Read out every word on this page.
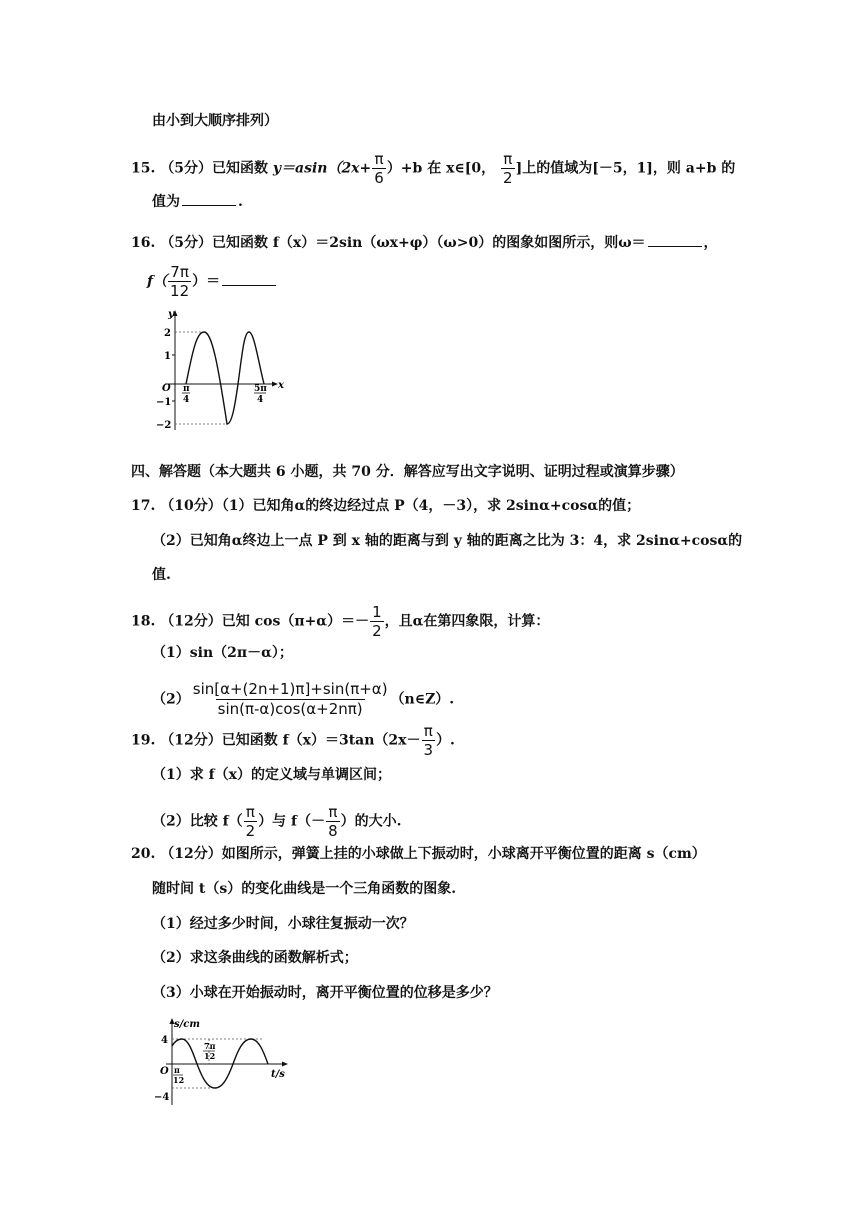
由小到大顺序排列）
15. （5分）已知函数 $y=asin(2x+ \frac{\pi}{6} )+b$ 在 x∈[0， $\frac{\pi}{2}$ ]上的值域为[－5，1]，则 a+b 的
值为	.
16. （5分）已知函数 f（x）＝2sin（ωx+φ）（ω>0）的图象如图所示，则ω＝	，
$f( \frac{7\pi}{12}$ ）＝
y
x
O
2
1
−1
−2
π
4
5π
4
四、解答题（本大题共 6 小题，共 70 分．解答应写出文字说明、证明过程或演算步骤）
17. （10分）（1）已知角α的终边经过点 P（4，－3），求 2sinα+cosα的值；
（2）已知角α终边上一点 P 到 x 轴的距离与到 y 轴的距离之比为 3：4，求 2sinα+cosα的
值.
18. （12分）已知 $\cos(\pi+\alpha)=- \frac{1}{2}$ ，且α在第四象限，计算：
（1）sin（2π－α）；
$(2) \frac{\sin[\alpha+(2n+1)\pi]+\sin(\pi+\alpha)}{\sin(\pi-\alpha)\cos(\alpha+2n\pi)}$ （n∈Z）.
19. （12分）已知函数 $f(x)=3\tan(2x- \frac{\pi}{3}$ ）.
（1）求 f（x）的定义域与单调区间；
（2）比较 $f( \frac{\pi}{2}$ ）与 $f(- \frac{\pi}{8}$ ）的大小.
20. （12分）如图所示，弹簧上挂的小球做上下振动时，小球离开平衡位置的距离 s（cm）
随时间 t（s）的变化曲线是一个三角函数的图象.
（1）经过多少时间，小球往复振动一次？
（2）求这条曲线的函数解析式；
（3）小球在开始振动时，离开平衡位置的位移是多少？
s/cm
t/s
O
4
−4
π
12
7π
12
